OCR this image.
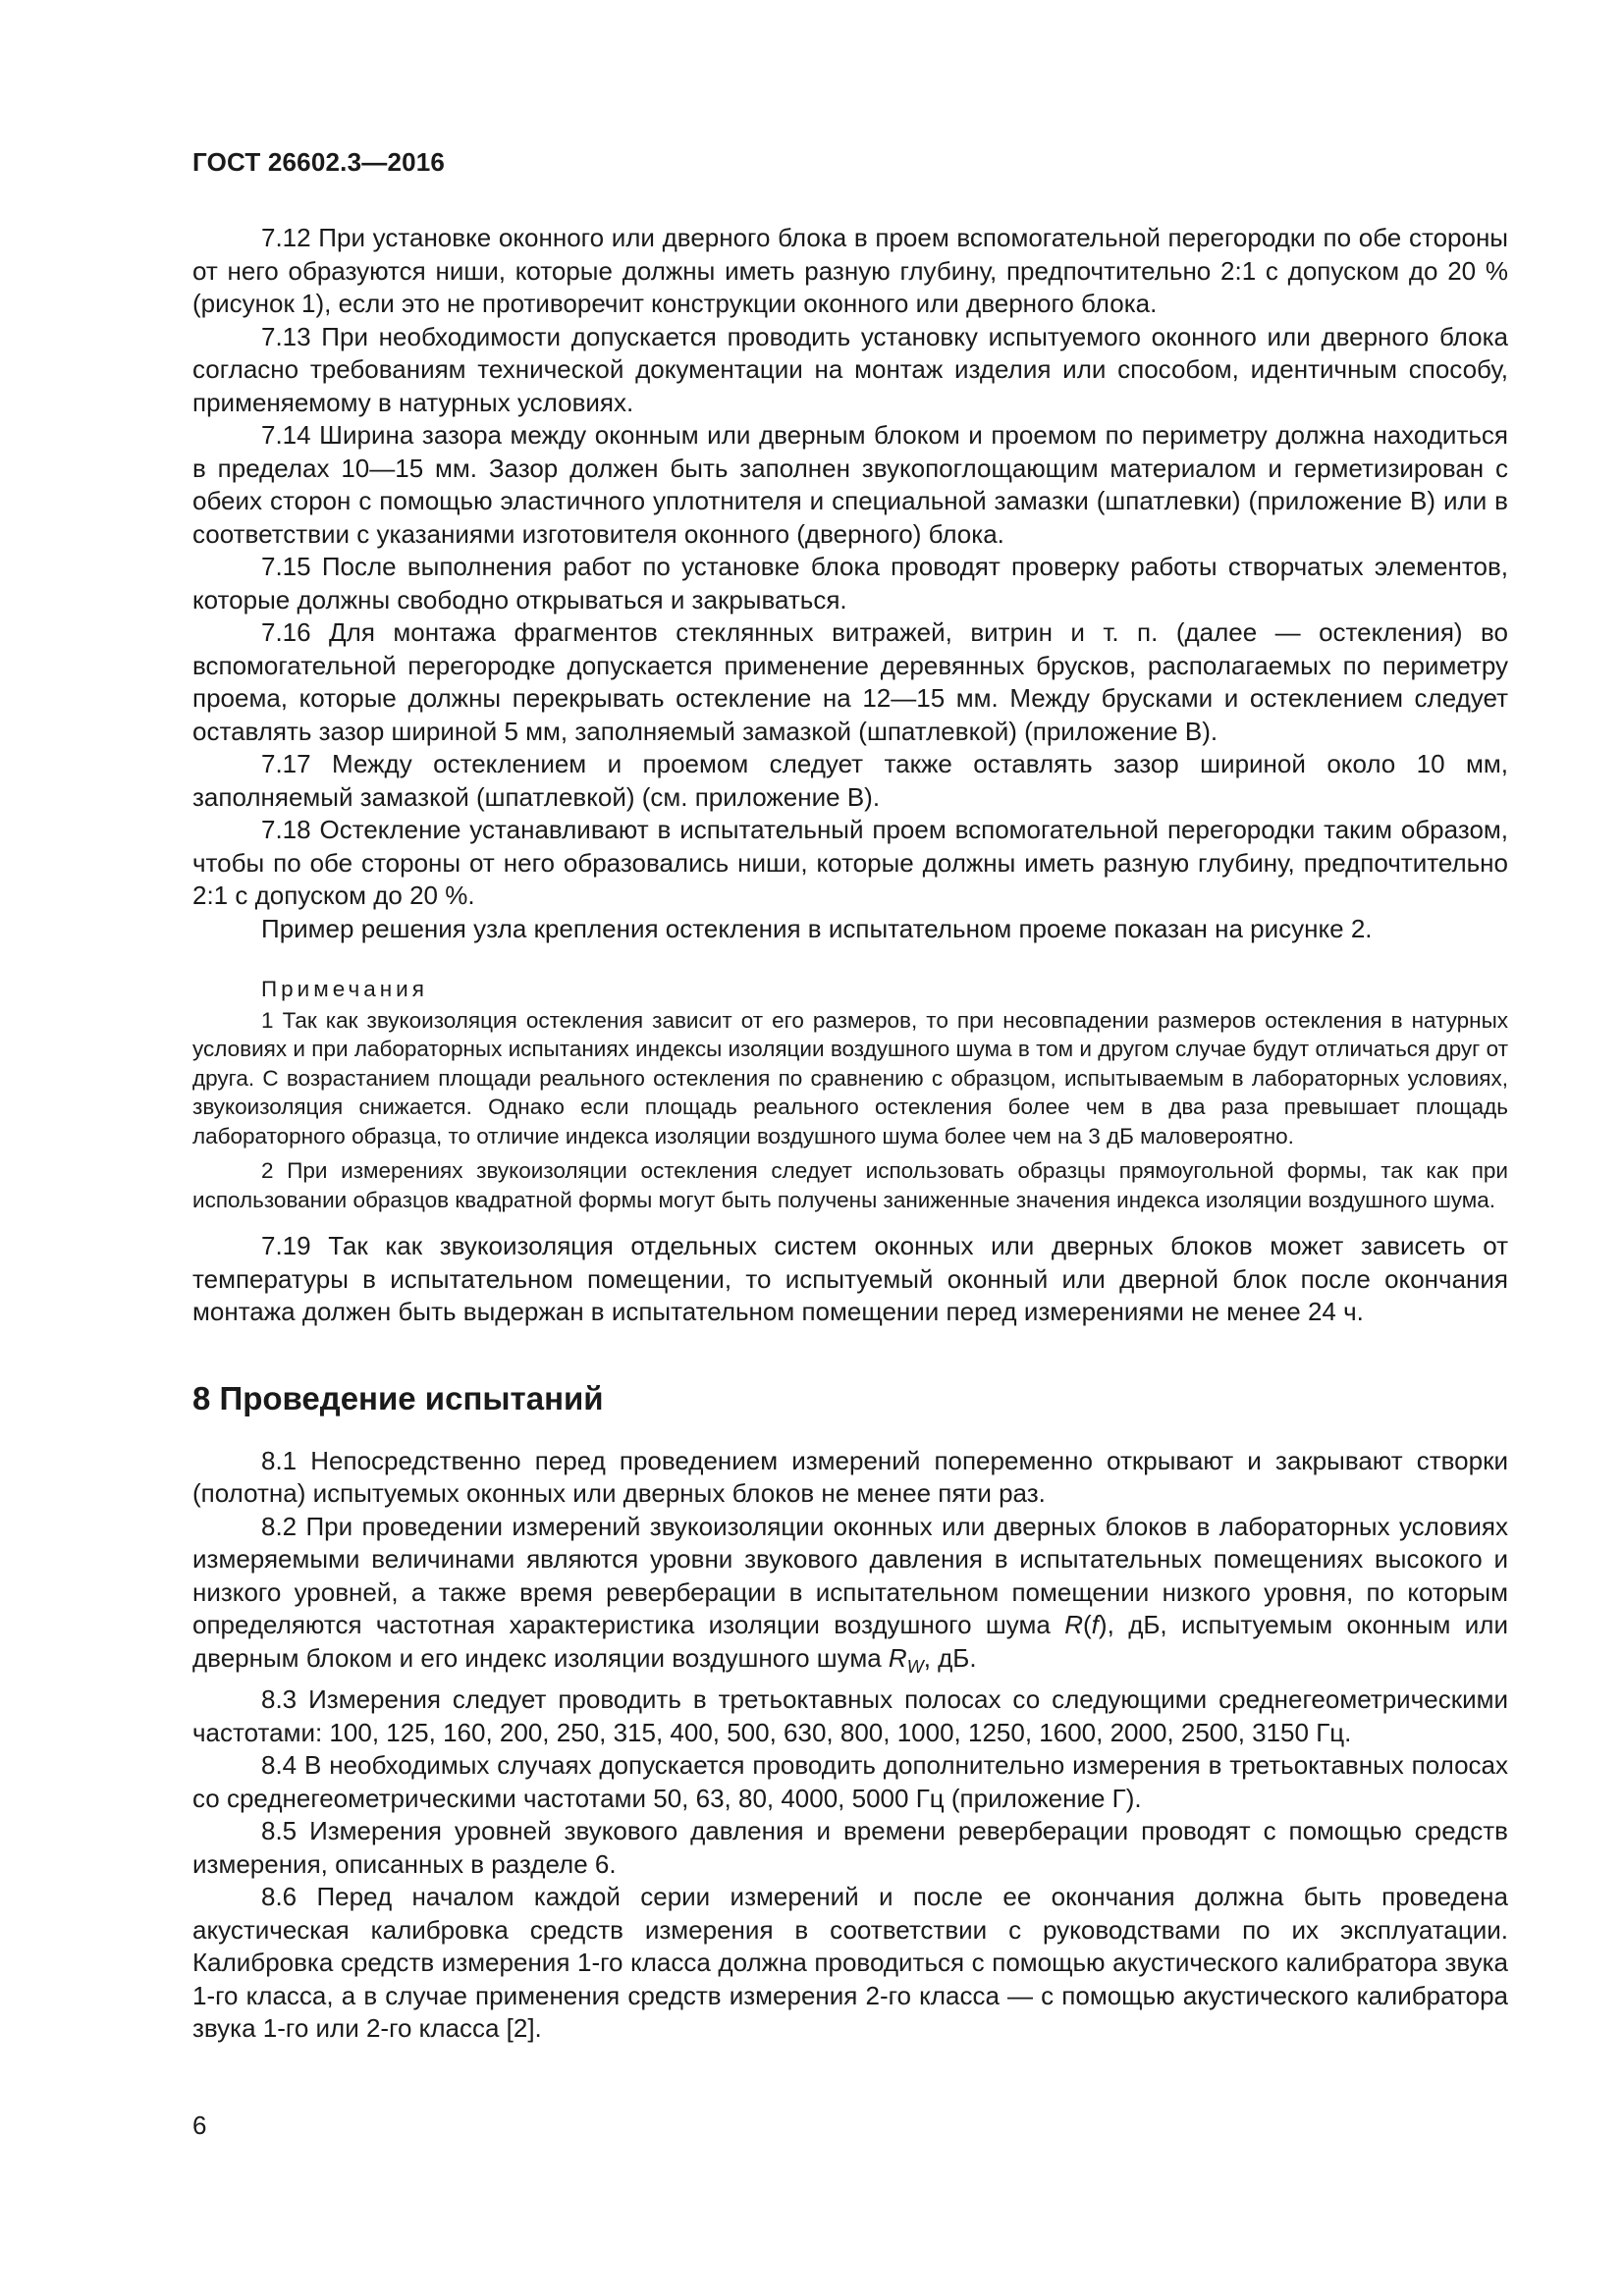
ГОСТ 26602.3—2016

7.12 При установке оконного или дверного блока в проем вспомогательной перегородки по обе стороны от него образуются ниши, которые должны иметь разную глубину, предпочтительно 2:1 с допуском до 20 % (рисунок 1), если это не противоречит конструкции оконного или дверного блока.

7.13 При необходимости допускается проводить установку испытуемого оконного или дверного блока согласно требованиям технической документации на монтаж изделия или способом, идентичным способу, применяемому в натурных условиях.

7.14 Ширина зазора между оконным или дверным блоком и проемом по периметру должна находиться в пределах 10—15 мм. Зазор должен быть заполнен звукопоглощающим материалом и герметизирован с обеих сторон с помощью эластичного уплотнителя и специальной замазки (шпатлевки) (приложение В) или в соответствии с указаниями изготовителя оконного (дверного) блока.

7.15 После выполнения работ по установке блока проводят проверку работы створчатых элементов, которые должны свободно открываться и закрываться.

7.16 Для монтажа фрагментов стеклянных витражей, витрин и т. п. (далее — остекления) во вспомогательной перегородке допускается применение деревянных брусков, располагаемых по периметру проема, которые должны перекрывать остекление на 12—15 мм. Между брусками и остеклением следует оставлять зазор шириной 5 мм, заполняемый замазкой (шпатлевкой) (приложение В).

7.17 Между остеклением и проемом следует также оставлять зазор шириной около 10 мм, заполняемый замазкой (шпатлевкой) (см. приложение В).

7.18 Остекление устанавливают в испытательный проем вспомогательной перегородки таким образом, чтобы по обе стороны от него образовались ниши, которые должны иметь разную глубину, предпочтительно 2:1 с допуском до 20 %.

Пример решения узла крепления остекления в испытательном проеме показан на рисунке 2.

Примечания

1 Так как звукоизоляция остекления зависит от его размеров, то при несовпадении размеров остекления в натурных условиях и при лабораторных испытаниях индексы изоляции воздушного шума в том и другом случае будут отличаться друг от друга. С возрастанием площади реального остекления по сравнению с образцом, испытываемым в лабораторных условиях, звукоизоляция снижается. Однако если площадь реального остекления более чем в два раза превышает площадь лабораторного образца, то отличие индекса изоляции воздушного шума более чем на 3 дБ маловероятно.

2 При измерениях звукоизоляции остекления следует использовать образцы прямоугольной формы, так как при использовании образцов квадратной формы могут быть получены заниженные значения индекса изоляции воздушного шума.

7.19 Так как звукоизоляция отдельных систем оконных или дверных блоков может зависеть от температуры в испытательном помещении, то испытуемый оконный или дверной блок после окончания монтажа должен быть выдержан в испытательном помещении перед измерениями не менее 24 ч.

8 Проведение испытаний

8.1 Непосредственно перед проведением измерений попеременно открывают и закрывают створки (полотна) испытуемых оконных или дверных блоков не менее пяти раз.

8.2 При проведении измерений звукоизоляции оконных или дверных блоков в лабораторных условиях измеряемыми величинами являются уровни звукового давления в испытательных помещениях высокого и низкого уровней, а также время реверберации в испытательном помещении низкого уровня, по которым определяются частотная характеристика изоляции воздушного шума R(f), дБ, испытуемым оконным или дверным блоком и его индекс изоляции воздушного шума $R_W$, дБ.

8.3 Измерения следует проводить в третьоктавных полосах со следующими среднегеометрическими частотами: 100, 125, 160, 200, 250, 315, 400, 500, 630, 800, 1000, 1250, 1600, 2000, 2500, 3150 Гц.

8.4 В необходимых случаях допускается проводить дополнительно измерения в третьоктавных полосах со среднегеометрическими частотами 50, 63, 80, 4000, 5000 Гц (приложение Г).

8.5 Измерения уровней звукового давления и времени реверберации проводят с помощью средств измерения, описанных в разделе 6.

8.6 Перед началом каждой серии измерений и после ее окончания должна быть проведена акустическая калибровка средств измерения в соответствии с руководствами по их эксплуатации. Калибровка средств измерения 1-го класса должна проводиться с помощью акустического калибратора звука 1-го класса, а в случае применения средств измерения 2-го класса — с помощью акустического калибратора звука 1-го или 2-го класса [2].

6
